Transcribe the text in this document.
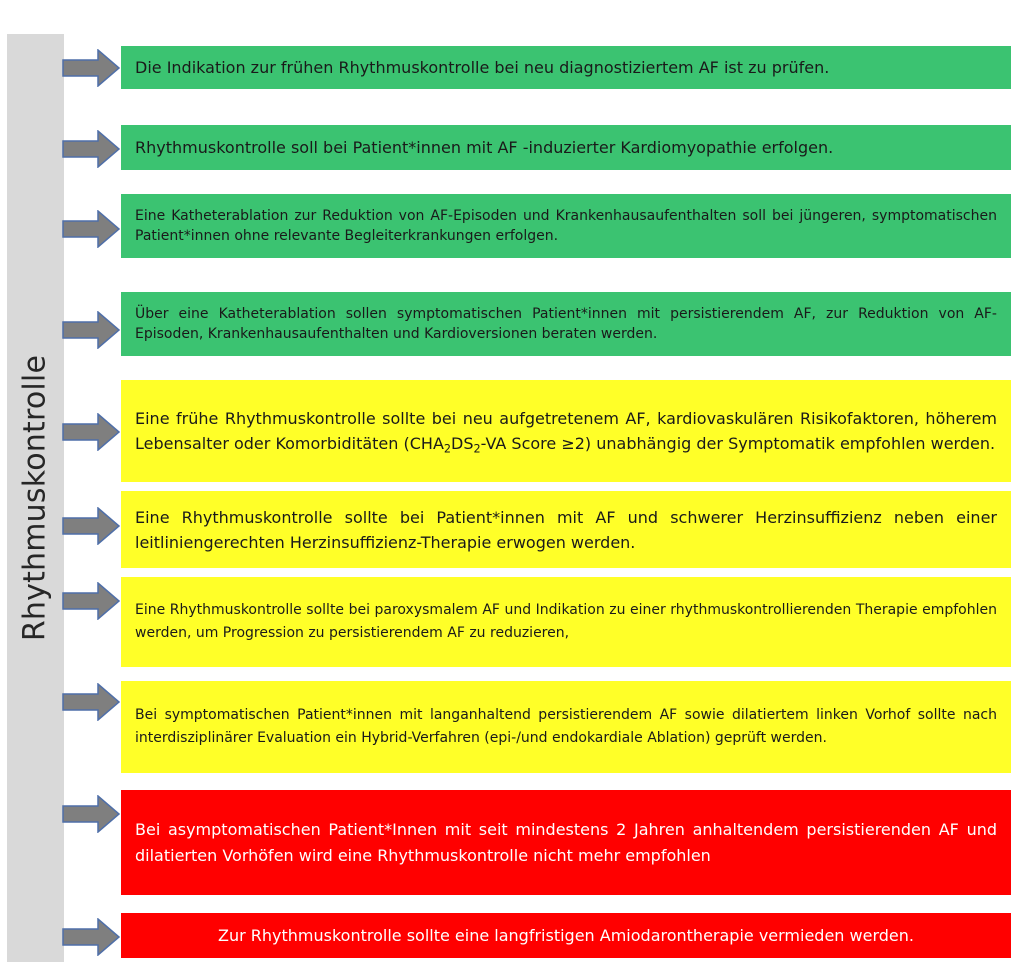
Rhythmuskontrolle
Die Indikation zur frühen Rhythmuskontrolle bei neu diagnostiziertem AF ist zu prüfen.
Rhythmuskontrolle soll bei Patient*innen mit AF -induzierter Kardiomyopathie erfolgen.
Eine Katheterablation zur Reduktion von AF-Episoden und Krankenhausaufenthalten soll bei jüngeren, symptomatischen Patient*innen ohne relevante Begleiterkrankungen erfolgen.
Über eine Katheterablation sollen symptomatischen Patient*innen mit persistierendem AF, zur Reduktion von AF-Episoden, Krankenhausaufenthalten und Kardioversionen beraten werden.
Eine frühe Rhythmuskontrolle sollte bei neu aufgetretenem AF, kardiovaskulären Risikofaktoren, höherem Lebensalter oder Komorbiditäten ($CHA_2DS_2-VA$ Score ≥2) unabhängig der Symptomatik empfohlen werden.
Eine Rhythmuskontrolle sollte bei Patient*innen mit AF und schwerer Herzinsuffizienz neben einer leitliniengerechten Herzinsuffizienz-Therapie erwogen werden.
Eine Rhythmuskontrolle sollte bei paroxysmalem AF und Indikation zu einer rhythmuskontrollierenden Therapie empfohlen werden, um Progression zu persistierendem AF zu reduzieren,
Bei symptomatischen Patient*innen mit langanhaltend persistierendem AF sowie dilatiertem linken Vorhof sollte nach interdisziplinärer Evaluation ein Hybrid-Verfahren (epi-/und endokardiale Ablation) geprüft werden.
Bei asymptomatischen Patient*Innen mit seit mindestens 2 Jahren anhaltendem persistierenden AF und dilatierten Vorhöfen wird eine Rhythmuskontrolle nicht mehr empfohlen
Zur Rhythmuskontrolle sollte eine langfristigen Amiodarontherapie vermieden werden.
